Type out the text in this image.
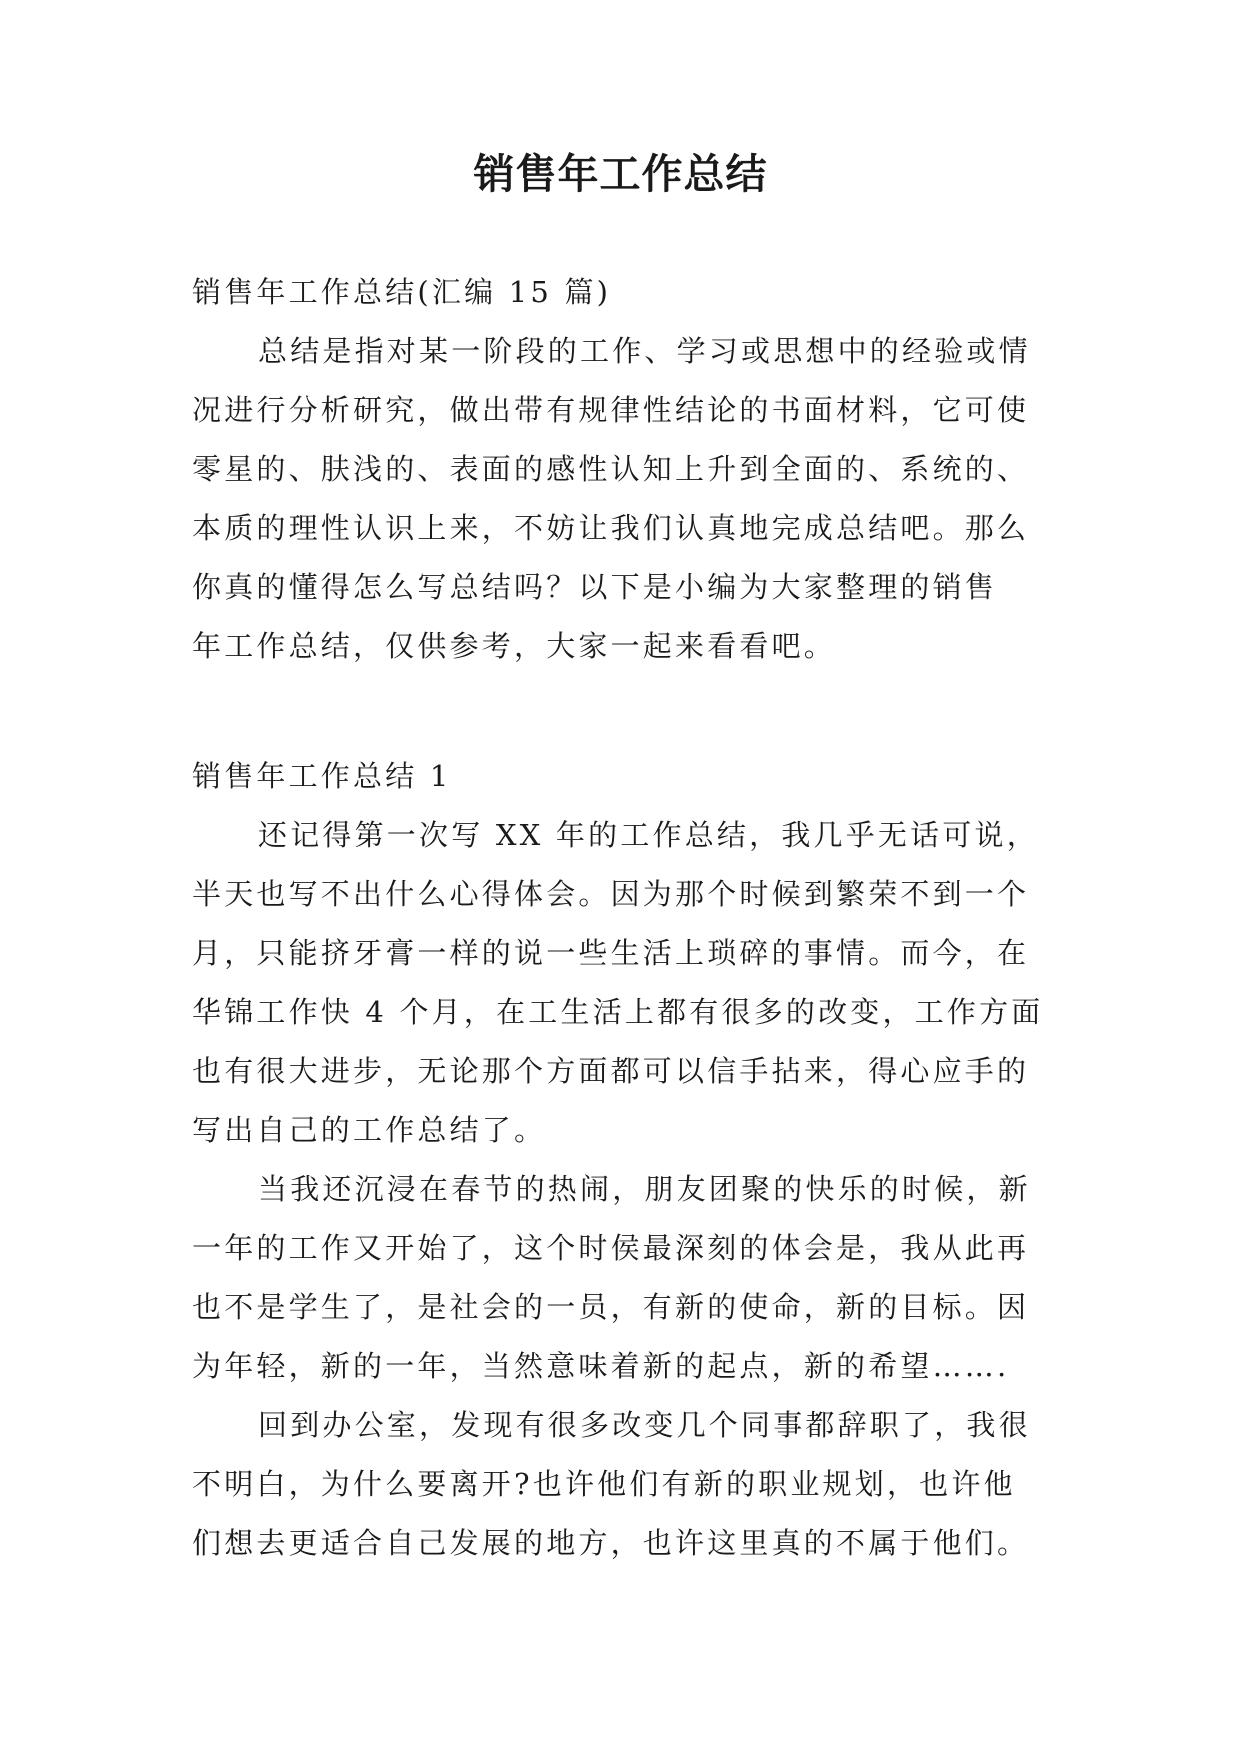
销售年工作总结
销售年工作总结(汇编 15 篇)
总结是指对某一阶段的工作、学习或思想中的经验或情
况进行分析研究，做出带有规律性结论的书面材料，它可使
零星的、肤浅的、表面的感性认知上升到全面的、系统的、
本质的理性认识上来，不妨让我们认真地完成总结吧。那么
你真的懂得怎么写总结吗？以下是小编为大家整理的销售
年工作总结，仅供参考，大家一起来看看吧。
销售年工作总结 1
还记得第一次写 XX 年的工作总结，我几乎无话可说，
半天也写不出什么心得体会。因为那个时候到繁荣不到一个
月，只能挤牙膏一样的说一些生活上琐碎的事情。而今，在
华锦工作快 4 个月，在工生活上都有很多的改变，工作方面
也有很大进步，无论那个方面都可以信手拈来，得心应手的
写出自己的工作总结了。
当我还沉浸在春节的热闹，朋友团聚的快乐的时候，新
一年的工作又开始了，这个时侯最深刻的体会是，我从此再
也不是学生了，是社会的一员，有新的使命，新的目标。因
为年轻，新的一年，当然意味着新的起点，新的希望…….
回到办公室，发现有很多改变几个同事都辞职了，我很
不明白，为什么要离开?也许他们有新的职业规划，也许他
们想去更适合自己发展的地方，也许这里真的不属于他们。
